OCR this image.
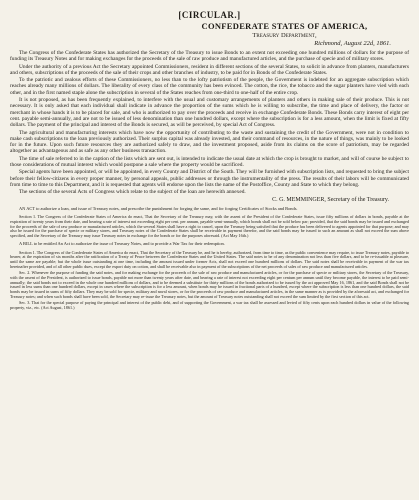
[CIRCULAR.]
CONFEDERATE STATES OF AMERICA,
Treasury Department,
Richmond, August 22d, 1861.

The Congress of the Confederate States has authorized the Secretary of the Treasury to issue Bonds to an extent not exceeding one hundred millions of dollars for the purpose of funding its Treasury Notes and for making exchanges for the proceeds of the sale of raw produce and manufactured articles, and the purchase of specie and of military stores.

Under the authority of a previous Act the Secretary appointed Commissioners, resident in different sections of the several States, to solicit in advance from planters, manufacturers and others, subscriptions of the proceeds of the sale of their crops and other branches of industry, to be paid for in Bonds of the Confederate States.

To the patriotic and zealous efforts of these Commissioners, no less than to the lofty patriotism of the people, the Government is indebted for an aggregate subscription which reaches already many millions of dollars. The liberality of every class of the community has been evinced. The cotton, the rice, the tobacco and the sugar planters have vied with each other, and in the first named staple alone the subscription in several of the States reaches from one-third to one-half of the entire crop.

It is not proposed, as has been frequently explained, to interfere with the usual and customary arrangements of planters and others in making sale of their produce. This is not necessary. It is only asked that each individual shall indicate in advance the proportion of the sums which he is willing to subscribe, the time and place of delivery, the factor or merchant in whose hands it is to be placed for sale, and who is authorized to pay over the proceeds and receive in exchange Confederate Bonds. These Bonds carry interest of eight per cent. payable semi-annually, and are not to be issued of less denomination than one hundred dollars, except where the subscription is for a less amount, when the limit is fixed at fifty dollars. The payment of the principal and interest of the Bonds is secured, as will be perceived, by special Act of Congress.

The agricultural and manufacturing interests which have now the opportunity of contributing to the waste and sustaining the credit of the Government, were not in condition to make cash subscriptions to the loan previously authorized. Their surplus capital was already invested, and their command of resources, in the nature of things, was mainly to be looked for in the future. Upon such future resources they are authorized safely to draw, and the investment proposed, aside from its claims on the score of patriotism, may be regarded altogether as advantageous and as safe as any other business transaction.

The time of sale referred to in the caption of the lists which are sent out, is intended to indicate the usual date at which the crop is brought to market, and will of course be subject to those considerations of mutual interest which would postpone a sale where the property would be sacrificed.

Special agents have been appointed, or will be appointed, in every County and District of the South. They will be furnished with subscription lists, and requested to bring the subject before their fellow-citizens in every proper manner, by personal appeals, public addresses or through the instrumentality of the press. The results of their labors will be communicated from time to time to this Department, and it is requested that agents will endorse upon the lists the name of the Postoffice, County and State to which they belong.

The sections of the several Acts of Congress which relate to the subject of the loan are herewith annexed.

C. G. MEMMINGER, Secretary of the Treasury.

AN ACT to authorize a loan, and issue of Treasury notes, and prescribe the punishment for forging the same, and for forging Certificates of Stocks and Bonds.

Section 1. The Congress of the Confederate States of America do enact, That the Secretary of the Treasury may, with the assent of the President of the Confederate States, issue fifty millions of dollars in bonds, payable at the expiration of twenty years from their date, and bearing a rate of interest not exceeding eight per cent. per annum, payable semi-annually, which bonds shall not be sold below par; provided, that the said bonds may be issued and exchanged for the proceeds of the sale of raw produce or manufactured articles, which the several States shall have a right to cancel, upon the Treasury being satisfied that the produce has been delivered to agents appointed for that purpose; and may also be issued for the purchase of specie or military stores, and Treasury notes of the Confederate States shall be receivable in payment therefor, and the said bonds may be issued to such an amount as shall not exceed the sum above specified, and the Secretary of the Treasury may issue Treasury notes in exchange for the bonds or for the purposes aforesaid. (Act May 16th.)

A BILL to be entitled An Act to authorize the issue of Treasury Notes, and to provide a War Tax for their redemption.

Section 1. The Congress of the Confederate States of America do enact, That the Secretary of the Treasury be, and he is hereby, authorized, from time to time, as the public convenience may require, to issue Treasury notes, payable to bearer, at the expiration of six months after the ratification of a Treaty of Peace between the Confederate States and the United States. The said notes to be of any denomination not less than five dollars, and to be re-issuable at pleasure, until the same are payable; but the whole issue outstanding at one time, including the amount issued under former Acts, shall not exceed one hundred millions of dollars. The said notes shall be receivable in payment of the war tax hereinafter provided, and of all other public dues, except the export duty on cotton, and shall be receivable also in payment of the subscriptions of the net proceeds of sales of raw produce and manufactured articles.

Sec. 2. Whenever the purpose of funding the said notes, and for making exchange for the proceeds of the sale of raw produce and manufactured articles, or for the purchase of specie or military stores, the Secretary of the Treasury, with the assent of the President, is authorized to issue bonds, payable not more than twenty years after date, and bearing a rate of interest not exceeding eight per centum per annum until they become payable, the interest to be paid semi-annually; the said bonds not to exceed in the whole one hundred millions of dollars, and to be deemed a substitute for thirty millions of the bonds authorized to be issued by the act approved May 16, 1861, and the said Bonds shall not be issued in less sums than one hundred dollars, except in cases where the subscription is for a less amount, when bonds may be issued in fractional parts of a hundred, except where the subscription is less than one hundred dollars, the said bonds may be issued in sums of fifty dollars. They may be sold for specie, military and naval stores, or for the proceeds of raw produce and manufactured articles, in the same manner as is provided by the aforesaid act, and exchanged for Treasury notes; and when such bonds shall have been sold, the Secretary may re-issue the Treasury notes, but the amount of Treasury notes outstanding shall not exceed the sum limited by the first section of this act.

Sec. 3. That for the special purpose of paying the principal and interest of the public debt, and of supporting the Government, a war tax shall be assessed and levied of fifty cents upon each hundred dollars in value of the following property, viz., etc. (Act August, 1861.)
